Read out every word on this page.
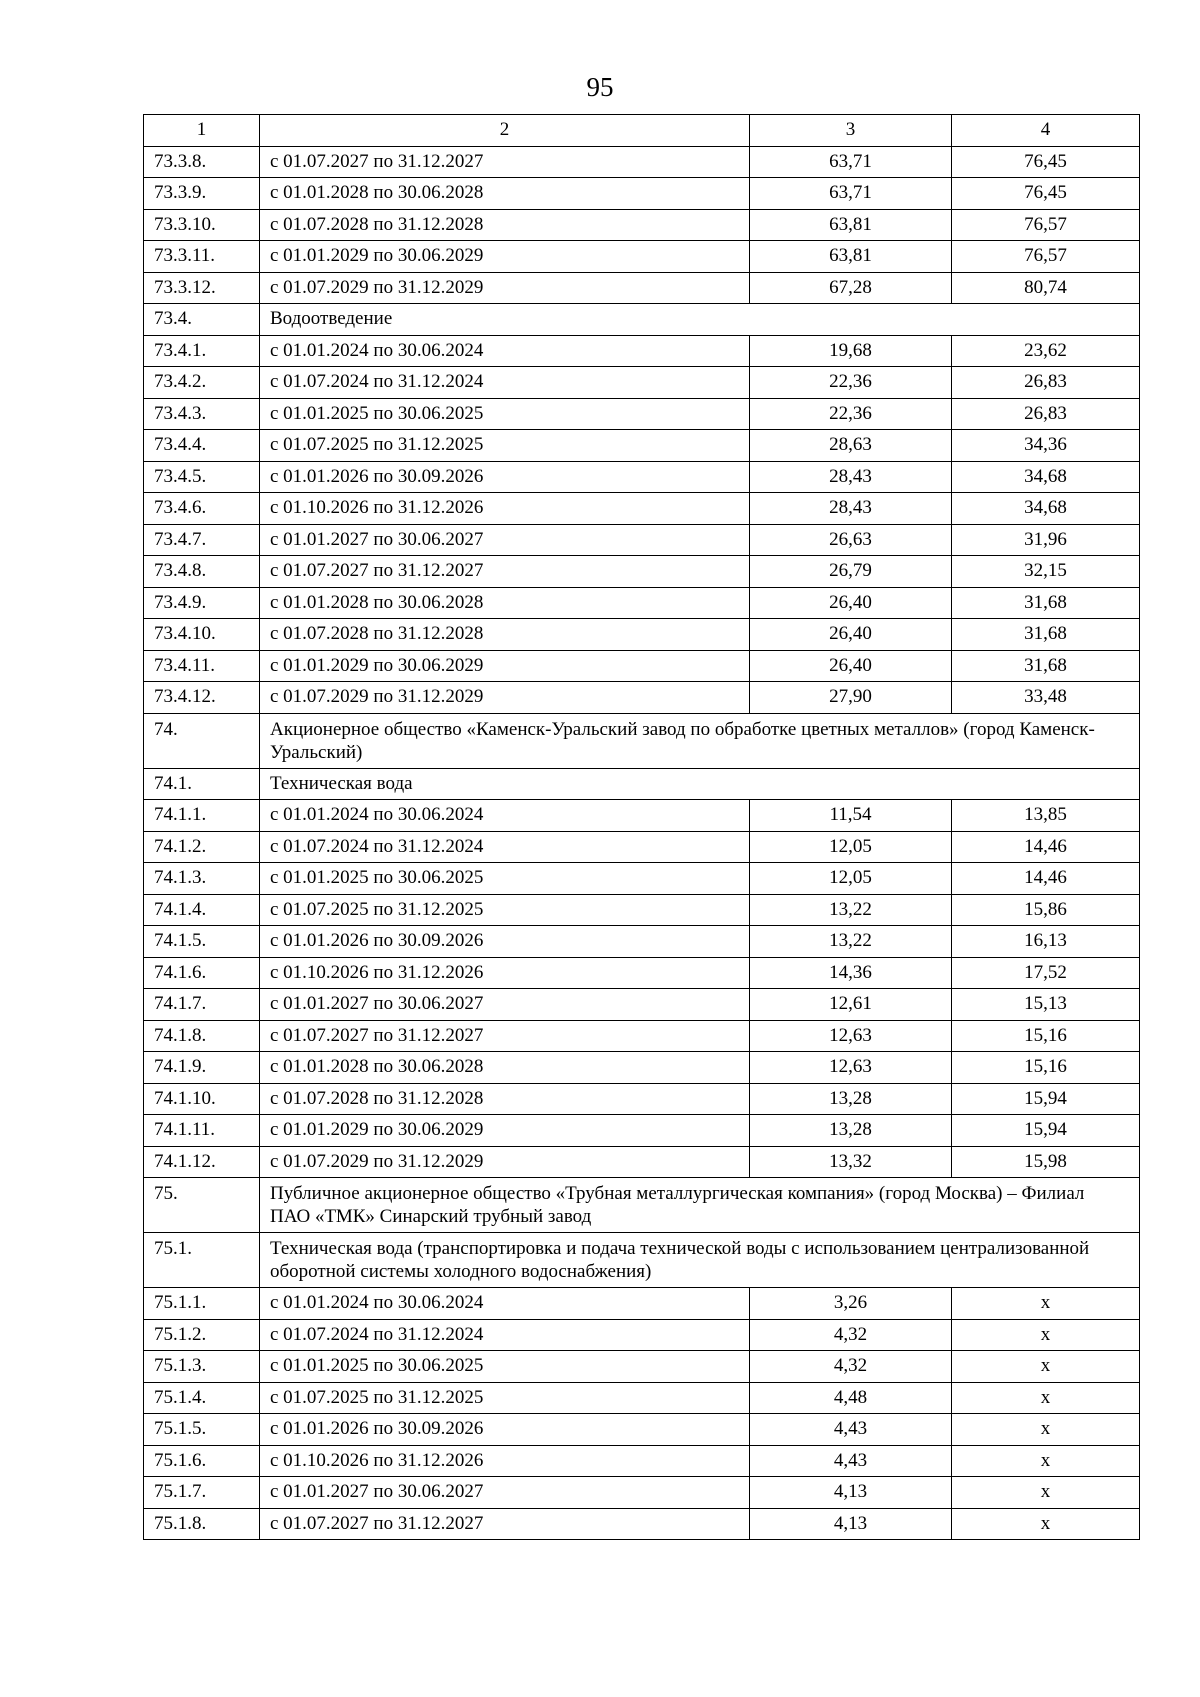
95
1	2	3	4
73.3.8.	с 01.07.2027 по 31.12.2027	63,71	76,45
73.3.9.	с 01.01.2028 по 30.06.2028	63,71	76,45
73.3.10.	с 01.07.2028 по 31.12.2028	63,81	76,57
73.3.11.	с 01.01.2029 по 30.06.2029	63,81	76,57
73.3.12.	с 01.07.2029 по 31.12.2029	67,28	80,74
73.4.	Водоотведение		
73.4.1.	с 01.01.2024 по 30.06.2024	19,68	23,62
73.4.2.	с 01.07.2024 по 31.12.2024	22,36	26,83
73.4.3.	с 01.01.2025 по 30.06.2025	22,36	26,83
73.4.4.	с 01.07.2025 по 31.12.2025	28,63	34,36
73.4.5.	с 01.01.2026 по 30.09.2026	28,43	34,68
73.4.6.	с 01.10.2026 по 31.12.2026	28,43	34,68
73.4.7.	с 01.01.2027 по 30.06.2027	26,63	31,96
73.4.8.	с 01.07.2027 по 31.12.2027	26,79	32,15
73.4.9.	с 01.01.2028 по 30.06.2028	26,40	31,68
73.4.10.	с 01.07.2028 по 31.12.2028	26,40	31,68
73.4.11.	с 01.01.2029 по 30.06.2029	26,40	31,68
73.4.12.	с 01.07.2029 по 31.12.2029	27,90	33,48
74.	Акционерное общество «Каменск-Уральский завод по обработке цветных металлов» (город Каменск-Уральский)		
74.1.	Техническая вода		
74.1.1.	с 01.01.2024 по 30.06.2024	11,54	13,85
74.1.2.	с 01.07.2024 по 31.12.2024	12,05	14,46
74.1.3.	с 01.01.2025 по 30.06.2025	12,05	14,46
74.1.4.	с 01.07.2025 по 31.12.2025	13,22	15,86
74.1.5.	с 01.01.2026 по 30.09.2026	13,22	16,13
74.1.6.	с 01.10.2026 по 31.12.2026	14,36	17,52
74.1.7.	с 01.01.2027 по 30.06.2027	12,61	15,13
74.1.8.	с 01.07.2027 по 31.12.2027	12,63	15,16
74.1.9.	с 01.01.2028 по 30.06.2028	12,63	15,16
74.1.10.	с 01.07.2028 по 31.12.2028	13,28	15,94
74.1.11.	с 01.01.2029 по 30.06.2029	13,28	15,94
74.1.12.	с 01.07.2029 по 31.12.2029	13,32	15,98
75.	Публичное акционерное общество «Трубная металлургическая компания» (город Москва) – Филиал ПАО «ТМК» Синарский трубный завод		
75.1.	Техническая вода (транспортировка и подача технической воды с использованием централизованной оборотной системы холодного водоснабжения)		
75.1.1.	с 01.01.2024 по 30.06.2024	3,26	х
75.1.2.	с 01.07.2024 по 31.12.2024	4,32	х
75.1.3.	с 01.01.2025 по 30.06.2025	4,32	х
75.1.4.	с 01.07.2025 по 31.12.2025	4,48	х
75.1.5.	с 01.01.2026 по 30.09.2026	4,43	х
75.1.6.	с 01.10.2026 по 31.12.2026	4,43	х
75.1.7.	с 01.01.2027 по 30.06.2027	4,13	х
75.1.8.	с 01.07.2027 по 31.12.2027	4,13	х
